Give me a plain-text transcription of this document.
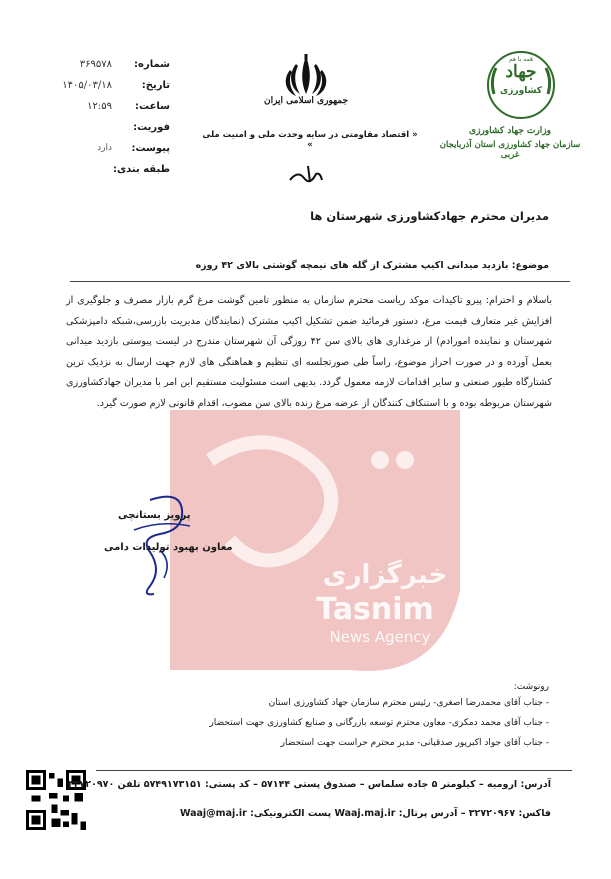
خبرگزاری
Tasnim
News Agency
شماره:
۳۶۹۵۷۸
تاریخ:
۱۴۰۵/۰۳/۱۸
ساعت:
۱۲:۵۹
فوریت:
پیوست:
دارد
طبقه بندی:
جمهوری اسلامی ایران
« اقتصاد مقاومتی در سایه وحدت ملی و امنیت ملی »
هَمه با هم
جهاد
کشاورزی
وزارت جهاد کشاورزی
سازمان جهاد کشاورزی استان آذربایجان غربی
مدیران محترم جهادکشاورزی شهرستان ها
موضوع: بازدید میدانی اکیپ مشترک از گله های نیمچه گوشتی بالای ۴۲ روزه
باسلام و احترام: پیرو تاکیدات موکد ریاست محترم سازمان به منظور تامین گوشت مرغ گرم بازار مصرف و جلوگیری از افزایش غیر متعارف قیمت مرغ، دستور فرمائید ضمن تشکیل اکیپ مشترک (نمایندگان مدیریت بازرسی،شبکه دامپزشکی شهرستان و نماینده امورادم) از مرغداری های بالای سن ۴۲ روزگی آن شهرستان مندرج در لیست پیوستی بازدید میدانی بعمل آورده و در صورت احراز موضوع، راساً طی صورتجلسه ای تنظیم و هماهنگی های لازم جهت ارسال به نزدیک ترین کشتارگاه طیور صنعتی و سایر اقدامات لازمه معمول گردد. بدیهی است مسئولیت مستقیم این امر با مدیران جهادکشاورزی شهرستان مربوطه بوده و با استنکاف کنندگان از عرضه مرغ زنده بالای سن مصوب، اقدام قانونی لازم صورت گیرد.
پرویز بستانچی
معاون بهبود تولیدات دامی
رونوشت:
- جناب آقای محمدرضا اصغری- رئیس محترم سازمان جهاد کشاورزی استان
- جناب آقای محمد دمکری- معاون محترم توسعه بازرگانی و صنایع کشاورزی جهت استحضار
- جناب آقای جواد اکبرپور صدقیانی- مدیر محترم حراست جهت استحضار
آدرس: ارومیه – کیلومتر ۵ جاده سلماس – صندوق پستی ۵۷۱۴۴ – کد پستی: ۵۷۴۹۱۷۳۱۵۱ تلفن ۳۲۷۲۰۹۷۰
فاکس: ۳۲۷۲۰۹۶۷ – آدرس پرتال: Waaj.maj.ir پست الکترونیکی: Waaj@maj.ir
